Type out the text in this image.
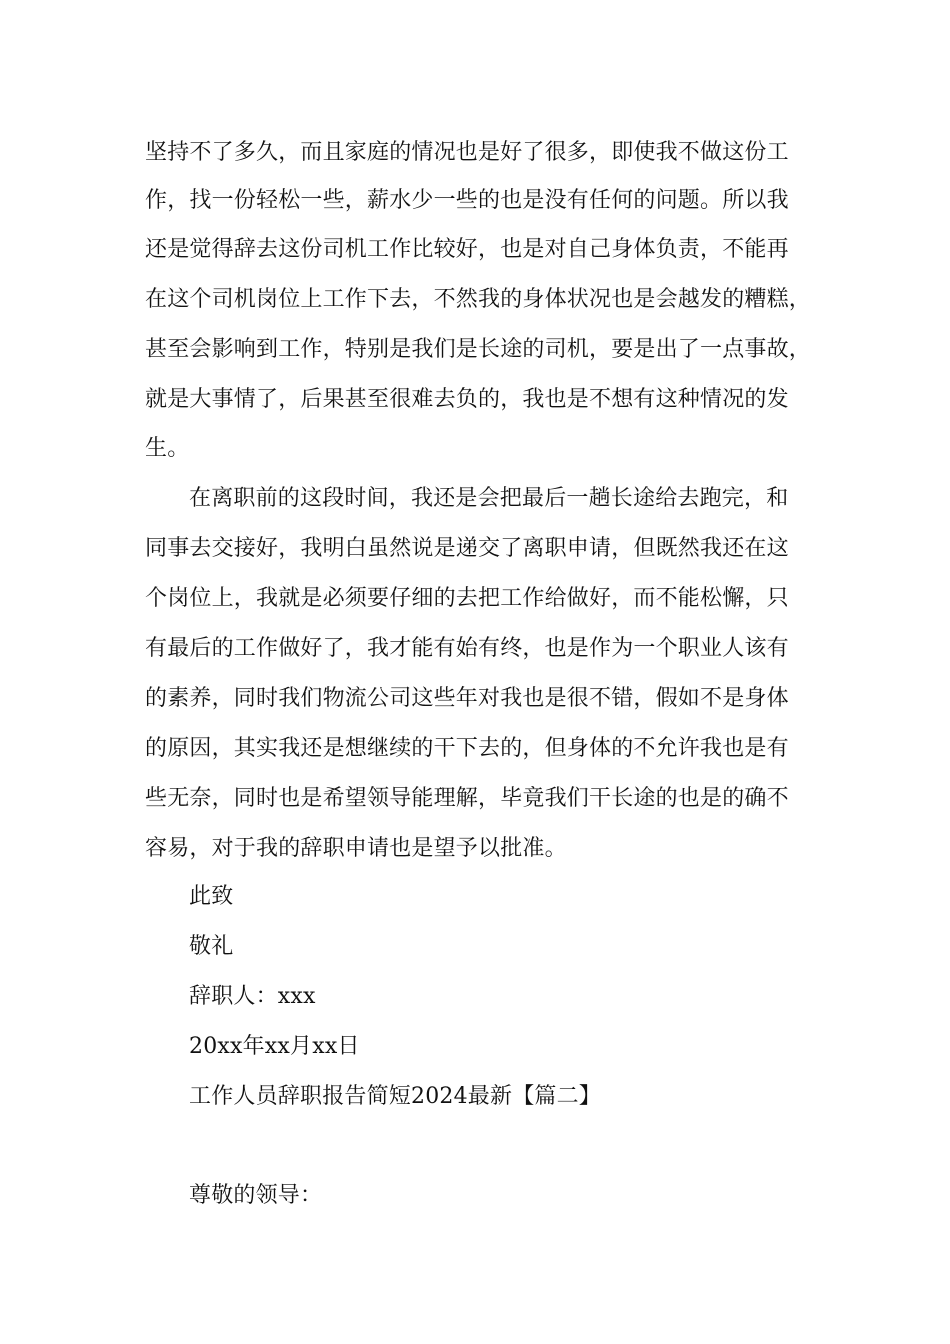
坚持不了多久，而且家庭的情况也是好了很多，即使我不做这份工
作，找一份轻松一些，薪水少一些的也是没有任何的问题。所以我
还是觉得辞去这份司机工作比较好，也是对自己身体负责，不能再
在这个司机岗位上工作下去，不然我的身体状况也是会越发的糟糕，
甚至会影响到工作，特别是我们是长途的司机，要是出了一点事故，
就是大事情了，后果甚至很难去负的，我也是不想有这种情况的发
生。
在离职前的这段时间，我还是会把最后一趟长途给去跑完，和
同事去交接好，我明白虽然说是递交了离职申请，但既然我还在这
个岗位上，我就是必须要仔细的去把工作给做好，而不能松懈，只
有最后的工作做好了，我才能有始有终，也是作为一个职业人该有
的素养，同时我们物流公司这些年对我也是很不错，假如不是身体
的原因，其实我还是想继续的干下去的，但身体的不允许我也是有
些无奈，同时也是希望领导能理解，毕竟我们干长途的也是的确不
容易，对于我的辞职申请也是望予以批准。
此致
敬礼
辞职人：xxx
20xx年xx月xx日
工作人员辞职报告简短2024最新【篇二】
尊敬的领导：
